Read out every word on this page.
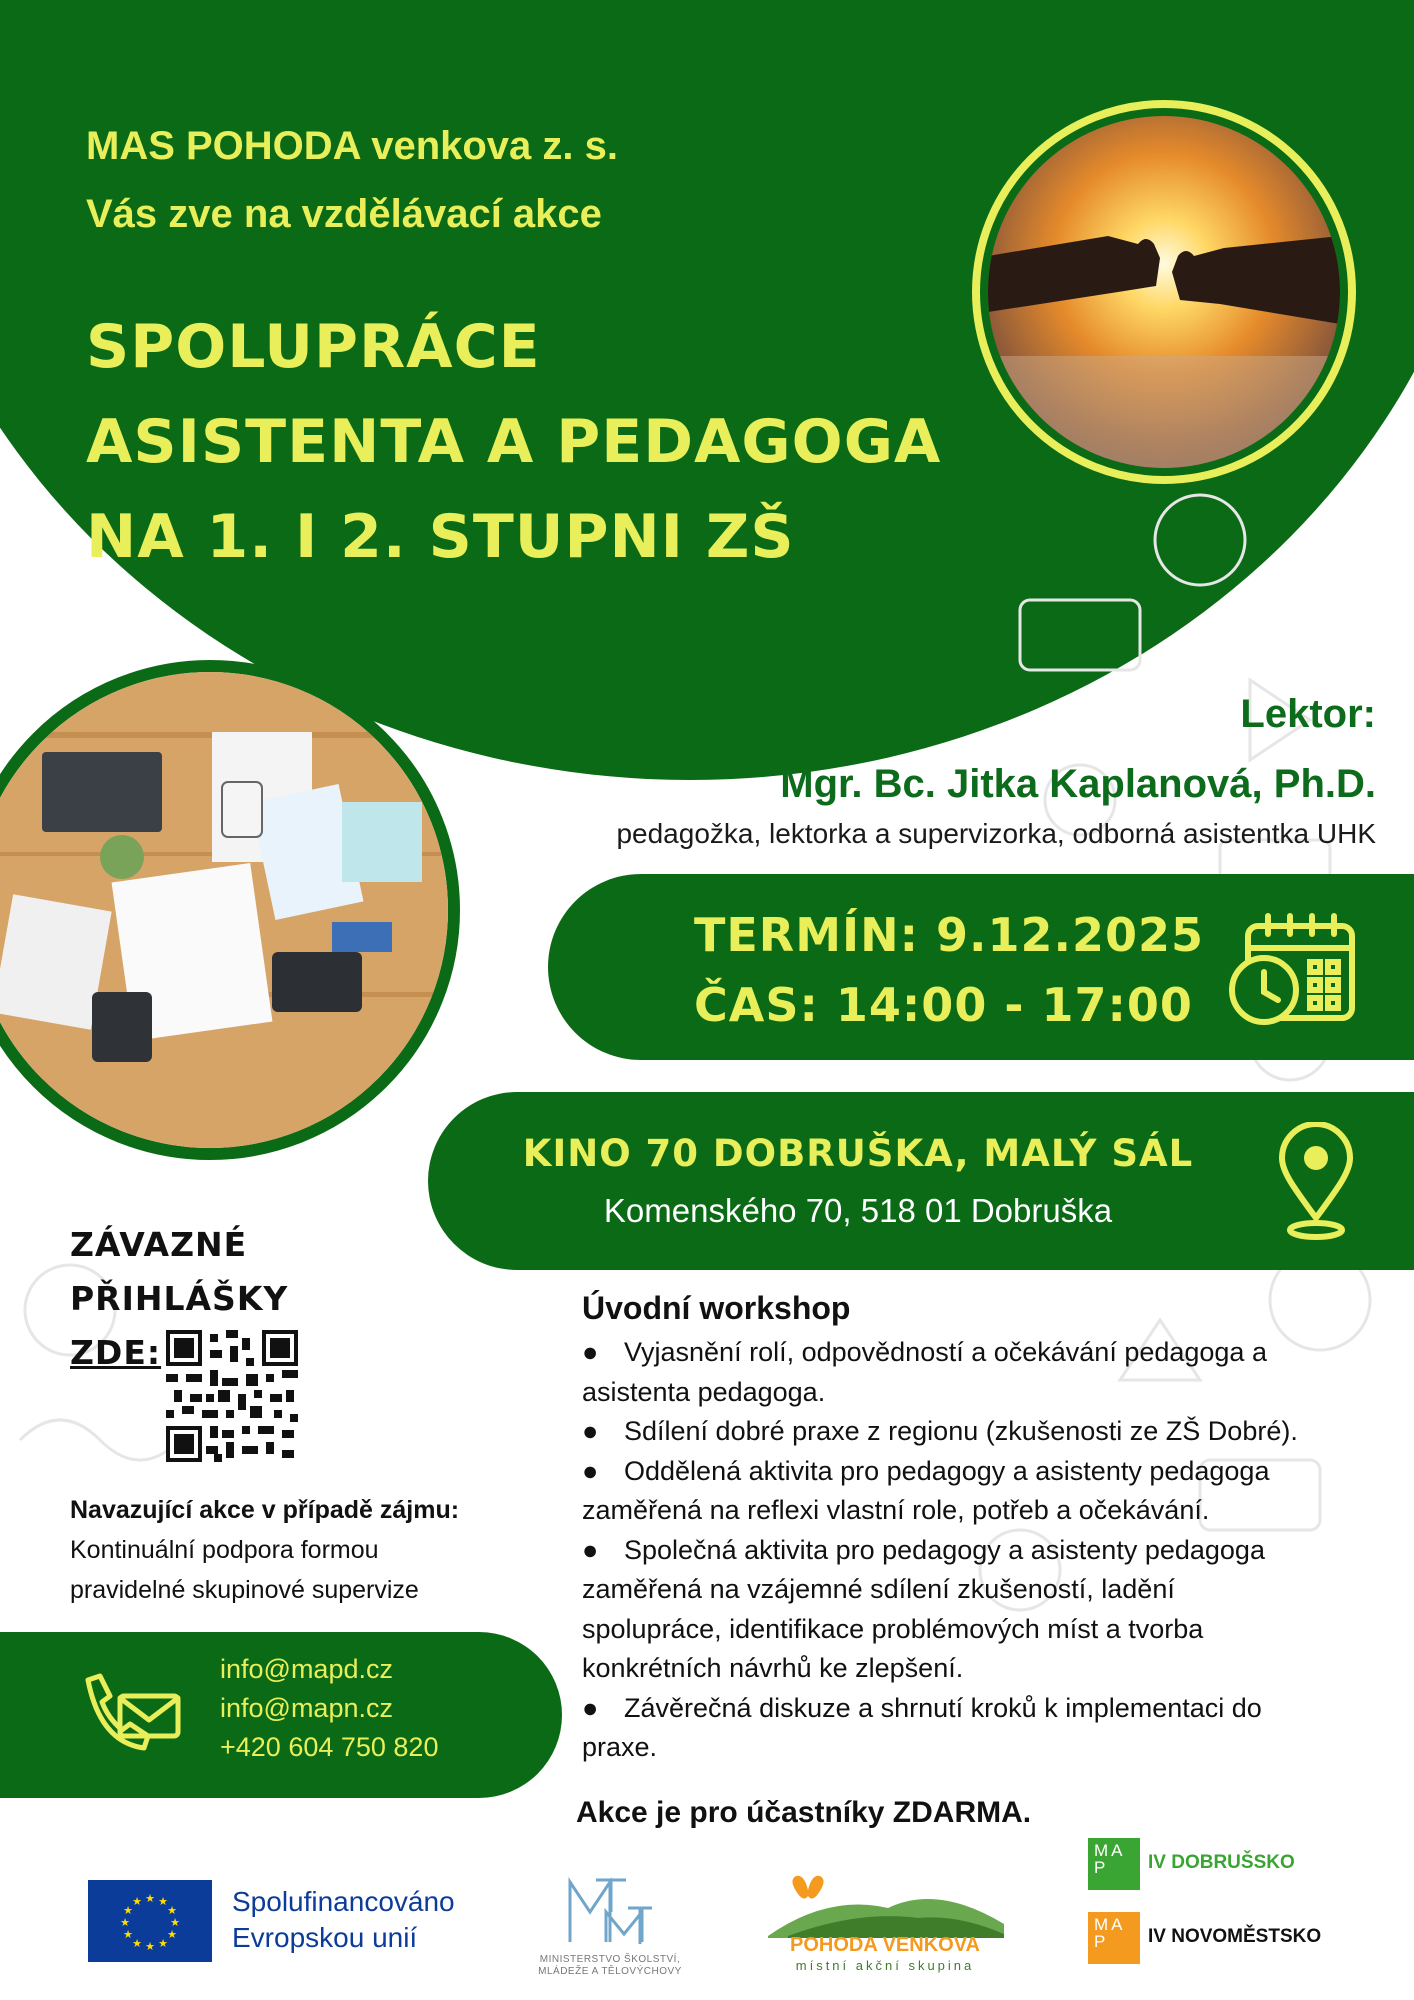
MAS POHODA venkova z. s.
Vás zve na vzdělávací akce
SPOLUPRÁCE
ASISTENTA A PEDAGOGA
NA 1. I 2. STUPNI ZŠ
Lektor:
Mgr. Bc. Jitka Kaplanová, Ph.D.
pedagožka, lektorka a supervizorka, odborná asistentka UHK
TERMÍN: 9.12.2025
ČAS: 14:00 - 17:00
KINO 70 DOBRUŠKA, MALÝ SÁL
Komenského 70, 518 01 Dobruška
ZÁVAZNÉ
PŘIHLÁŠKY
ZDE:
Navazující akce v případě zájmu:
Kontinuální podpora formou
pravidelné skupinové supervize
info@mapd.cz
info@mapn.cz
+420 604 750 820
Úvodní workshop
● Vyjasnění rolí, odpovědností a očekávání pedagoga a
asistenta pedagoga.
● Sdílení dobré praxe z regionu (zkušenosti ze ZŠ Dobré).
● Oddělená aktivita pro pedagogy a asistenty pedagoga
zaměřená na reflexi vlastní role, potřeb a očekávání.
● Společná aktivita pro pedagogy a asistenty pedagoga
zaměřená na vzájemné sdílení zkušeností, ladění
spolupráce, identifikace problémových míst a tvorba
konkrétních návrhů ke zlepšení.
● Závěrečná diskuze a shrnutí kroků k implementaci do
praxe.
Akce je pro účastníky ZDARMA.
★ ★
★
★
★
★
★
★
★
★
★
★	Spolufinancováno
Evropskou unií
MINISTERSTVO ŠKOLSTVÍ,
MLÁDEŽE A TĚLOVÝCHOVY
POHODA VENKOVA
místní akční skupina
MAP	IV DOBRUŠSKO
MAP	IV NOVOMĚSTSKO
